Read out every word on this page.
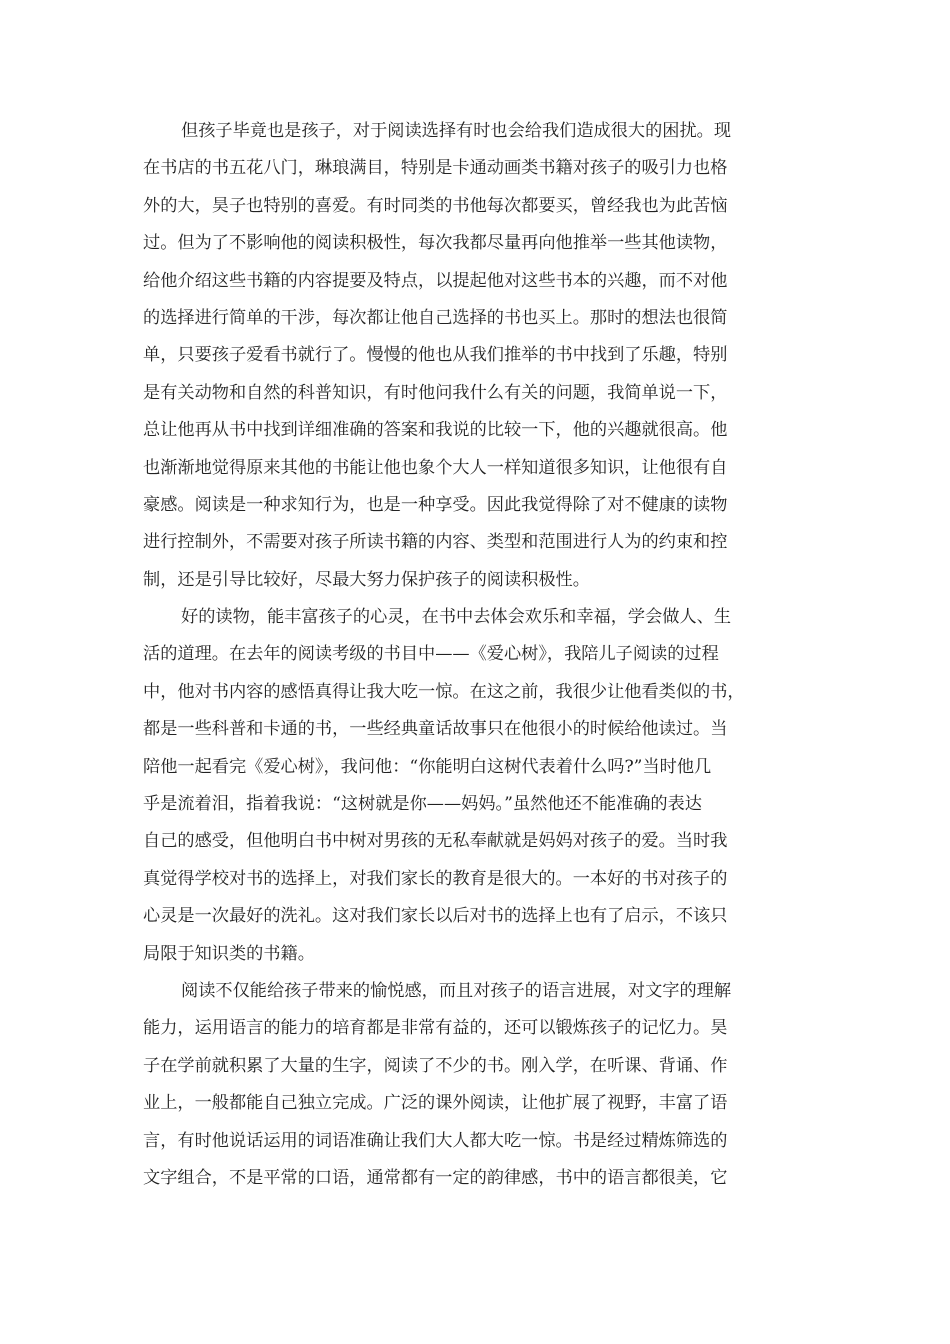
但孩子毕竟也是孩子，对于阅读选择有时也会给我们造成很大的困扰。现
在书店的书五花八门，琳琅满目，特别是卡通动画类书籍对孩子的吸引力也格
外的大，昊子也特别的喜爱。有时同类的书他每次都要买，曾经我也为此苦恼
过。但为了不影响他的阅读积极性，每次我都尽量再向他推举一些其他读物，
给他介绍这些书籍的内容提要及特点，以提起他对这些书本的兴趣，而不对他
的选择进行简单的干涉，每次都让他自己选择的书也买上。那时的想法也很简
单，只要孩子爱看书就行了。慢慢的他也从我们推举的书中找到了乐趣，特别
是有关动物和自然的科普知识，有时他问我什么有关的问题，我简单说一下，
总让他再从书中找到详细准确的答案和我说的比较一下，他的兴趣就很高。他
也渐渐地觉得原来其他的书能让他也象个大人一样知道很多知识，让他很有自
豪感。阅读是一种求知行为，也是一种享受。因此我觉得除了对不健康的读物
进行控制外，不需要对孩子所读书籍的内容、类型和范围进行人为的约束和控
制，还是引导比较好，尽最大努力保护孩子的阅读积极性。
好的读物，能丰富孩子的心灵，在书中去体会欢乐和幸福，学会做人、生
活的道理。在去年的阅读考级的书目中——《爱心树》，我陪儿子阅读的过程
中，他对书内容的感悟真得让我大吃一惊。在这之前，我很少让他看类似的书，
都是一些科普和卡通的书，一些经典童话故事只在他很小的时候给他读过。当
陪他一起看完《爱心树》，我问他：“你能明白这树代表着什么吗?”当时他几
乎是流着泪，指着我说：“这树就是你——妈妈。”虽然他还不能准确的表达
自己的感受，但他明白书中树对男孩的无私奉献就是妈妈对孩子的爱。当时我
真觉得学校对书的选择上，对我们家长的教育是很大的。一本好的书对孩子的
心灵是一次最好的洗礼。这对我们家长以后对书的选择上也有了启示，不该只
局限于知识类的书籍。
阅读不仅能给孩子带来的愉悦感，而且对孩子的语言进展，对文字的理解
能力，运用语言的能力的培育都是非常有益的，还可以锻炼孩子的记忆力。昊
子在学前就积累了大量的生字，阅读了不少的书。刚入学，在听课、背诵、作
业上，一般都能自己独立完成。广泛的课外阅读，让他扩展了视野，丰富了语
言，有时他说话运用的词语准确让我们大人都大吃一惊。书是经过精炼筛选的
文字组合，不是平常的口语，通常都有一定的韵律感，书中的语言都很美，它
